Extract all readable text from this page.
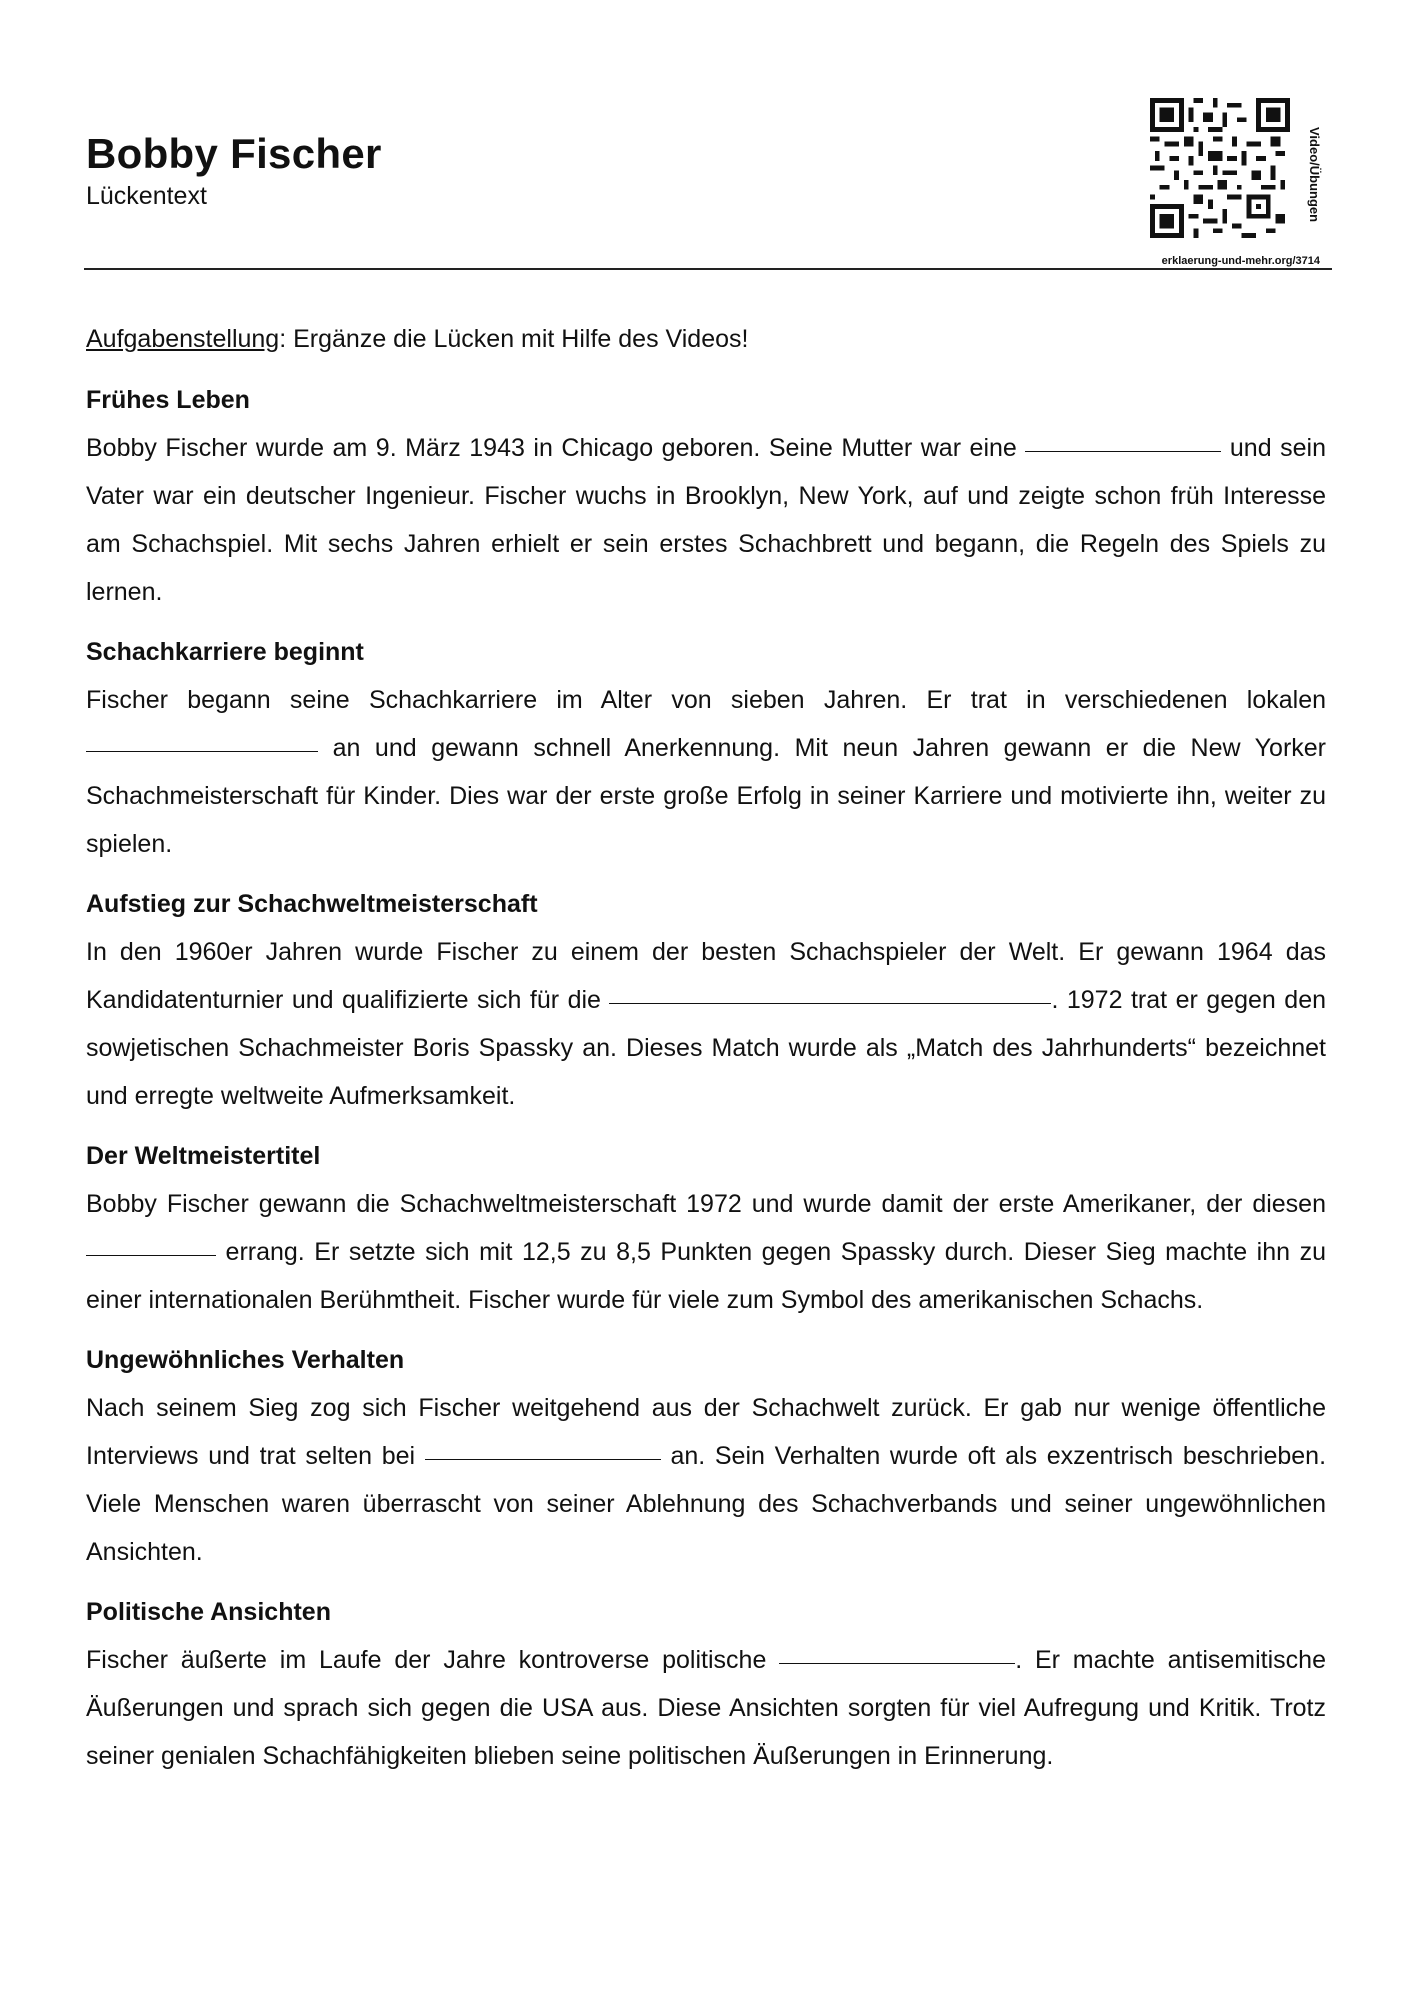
Bobby Fischer
Lückentext	Video/Übungen
erklaerung-und-mehr.org/3714

Aufgabenstellung: Ergänze die Lücken mit Hilfe des Videos!

Frühes Leben

Bobby Fischer wurde am 9. März 1943 in Chicago geboren. Seine Mutter war eine	und sein Vater war ein deutscher Ingenieur. Fischer wuchs in Brooklyn, New York, auf und zeigte schon früh Interesse am Schachspiel. Mit sechs Jahren erhielt er sein erstes Schachbrett und begann, die Regeln des Spiels zu lernen.

Schachkarriere beginnt

Fischer begann seine Schachkarriere im Alter von sieben Jahren. Er trat in verschiedenen lokalen  an und gewann schnell Anerkennung. Mit neun Jahren gewann er die New Yorker Schachmeisterschaft für Kinder. Dies war der erste große Erfolg in seiner Karriere und motivierte ihn, weiter zu spielen.

Aufstieg zur Schachweltmeisterschaft

In den 1960er Jahren wurde Fischer zu einem der besten Schachspieler der Welt. Er gewann 1964 das Kandidatenturnier und qualifizierte sich für die	. 1972 trat er gegen den sowjetischen Schachmeister Boris Spassky an. Dieses Match wurde als „Match des Jahrhunderts“ bezeichnet und erregte weltweite Aufmerksamkeit.

Der Weltmeistertitel

Bobby Fischer gewann die Schachweltmeisterschaft 1972 und wurde damit der erste Amerikaner, der diesen  errang. Er setzte sich mit 12,5 zu 8,5 Punkten gegen Spassky durch. Dieser Sieg machte ihn zu einer internationalen Berühmtheit. Fischer wurde für viele zum Symbol des amerikanischen Schachs.

Ungewöhnliches Verhalten

Nach seinem Sieg zog sich Fischer weitgehend aus der Schachwelt zurück. Er gab nur wenige öffentliche Interviews und trat selten bei	an. Sein Verhalten wurde oft als exzentrisch beschrieben. Viele Menschen waren überrascht von seiner Ablehnung des Schachverbands und seiner ungewöhnlichen Ansichten.

Politische Ansichten

Fischer äußerte im Laufe der Jahre kontroverse politische	. Er machte antisemitische Äußerungen und sprach sich gegen die USA aus. Diese Ansichten sorgten für viel Aufregung und Kritik. Trotz seiner genialen Schachfähigkeiten blieben seine politischen Äußerungen in Erinnerung.
